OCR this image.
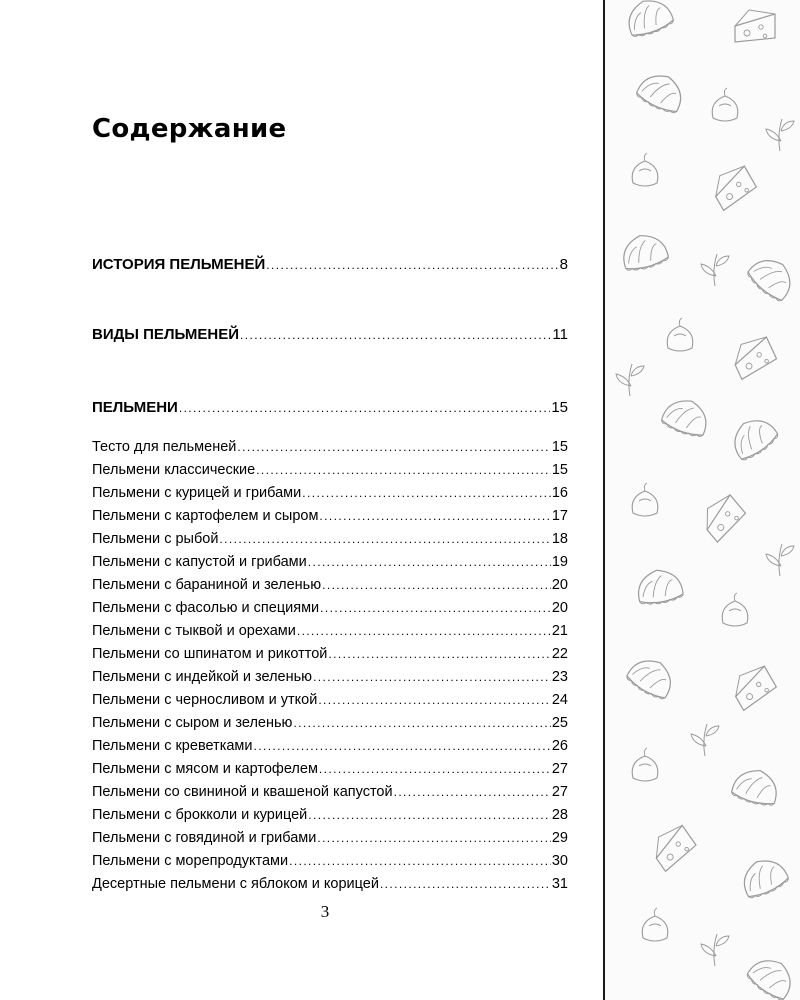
Содержание
ИСТОРИЯ ПЕЛЬМЕНЕЙ .....	8
ВИДЫ ПЕЛЬМЕНЕЙ .....	11
ПЕЛЬМЕНИ .....	15
Тесто для пельменей .....	15
Пельмени классические .....	15
Пельмени с курицей и грибами .....	16
Пельмени с картофелем и сыром .....	17
Пельмени с рыбой .....	18
Пельмени с капустой и грибами .....	19
Пельмени с бараниной и зеленью .....	20
Пельмени с фасолью и специями .....	20
Пельмени с тыквой и орехами .....	21
Пельмени со шпинатом и рикоттой .....	22
Пельмени с индейкой и зеленью .....	23
Пельмени с черносливом и уткой .....	24
Пельмени с сыром и зеленью .....	25
Пельмени с креветками .....	26
Пельмени с мясом и картофелем .....	27
Пельмени со свининой и квашеной капустой .....	27
Пельмени с брокколи и курицей .....	28
Пельмени с говядиной и грибами .....	29
Пельмени с морепродуктами .....	30
Десертные пельмени с яблоком и корицей .....	31
3
